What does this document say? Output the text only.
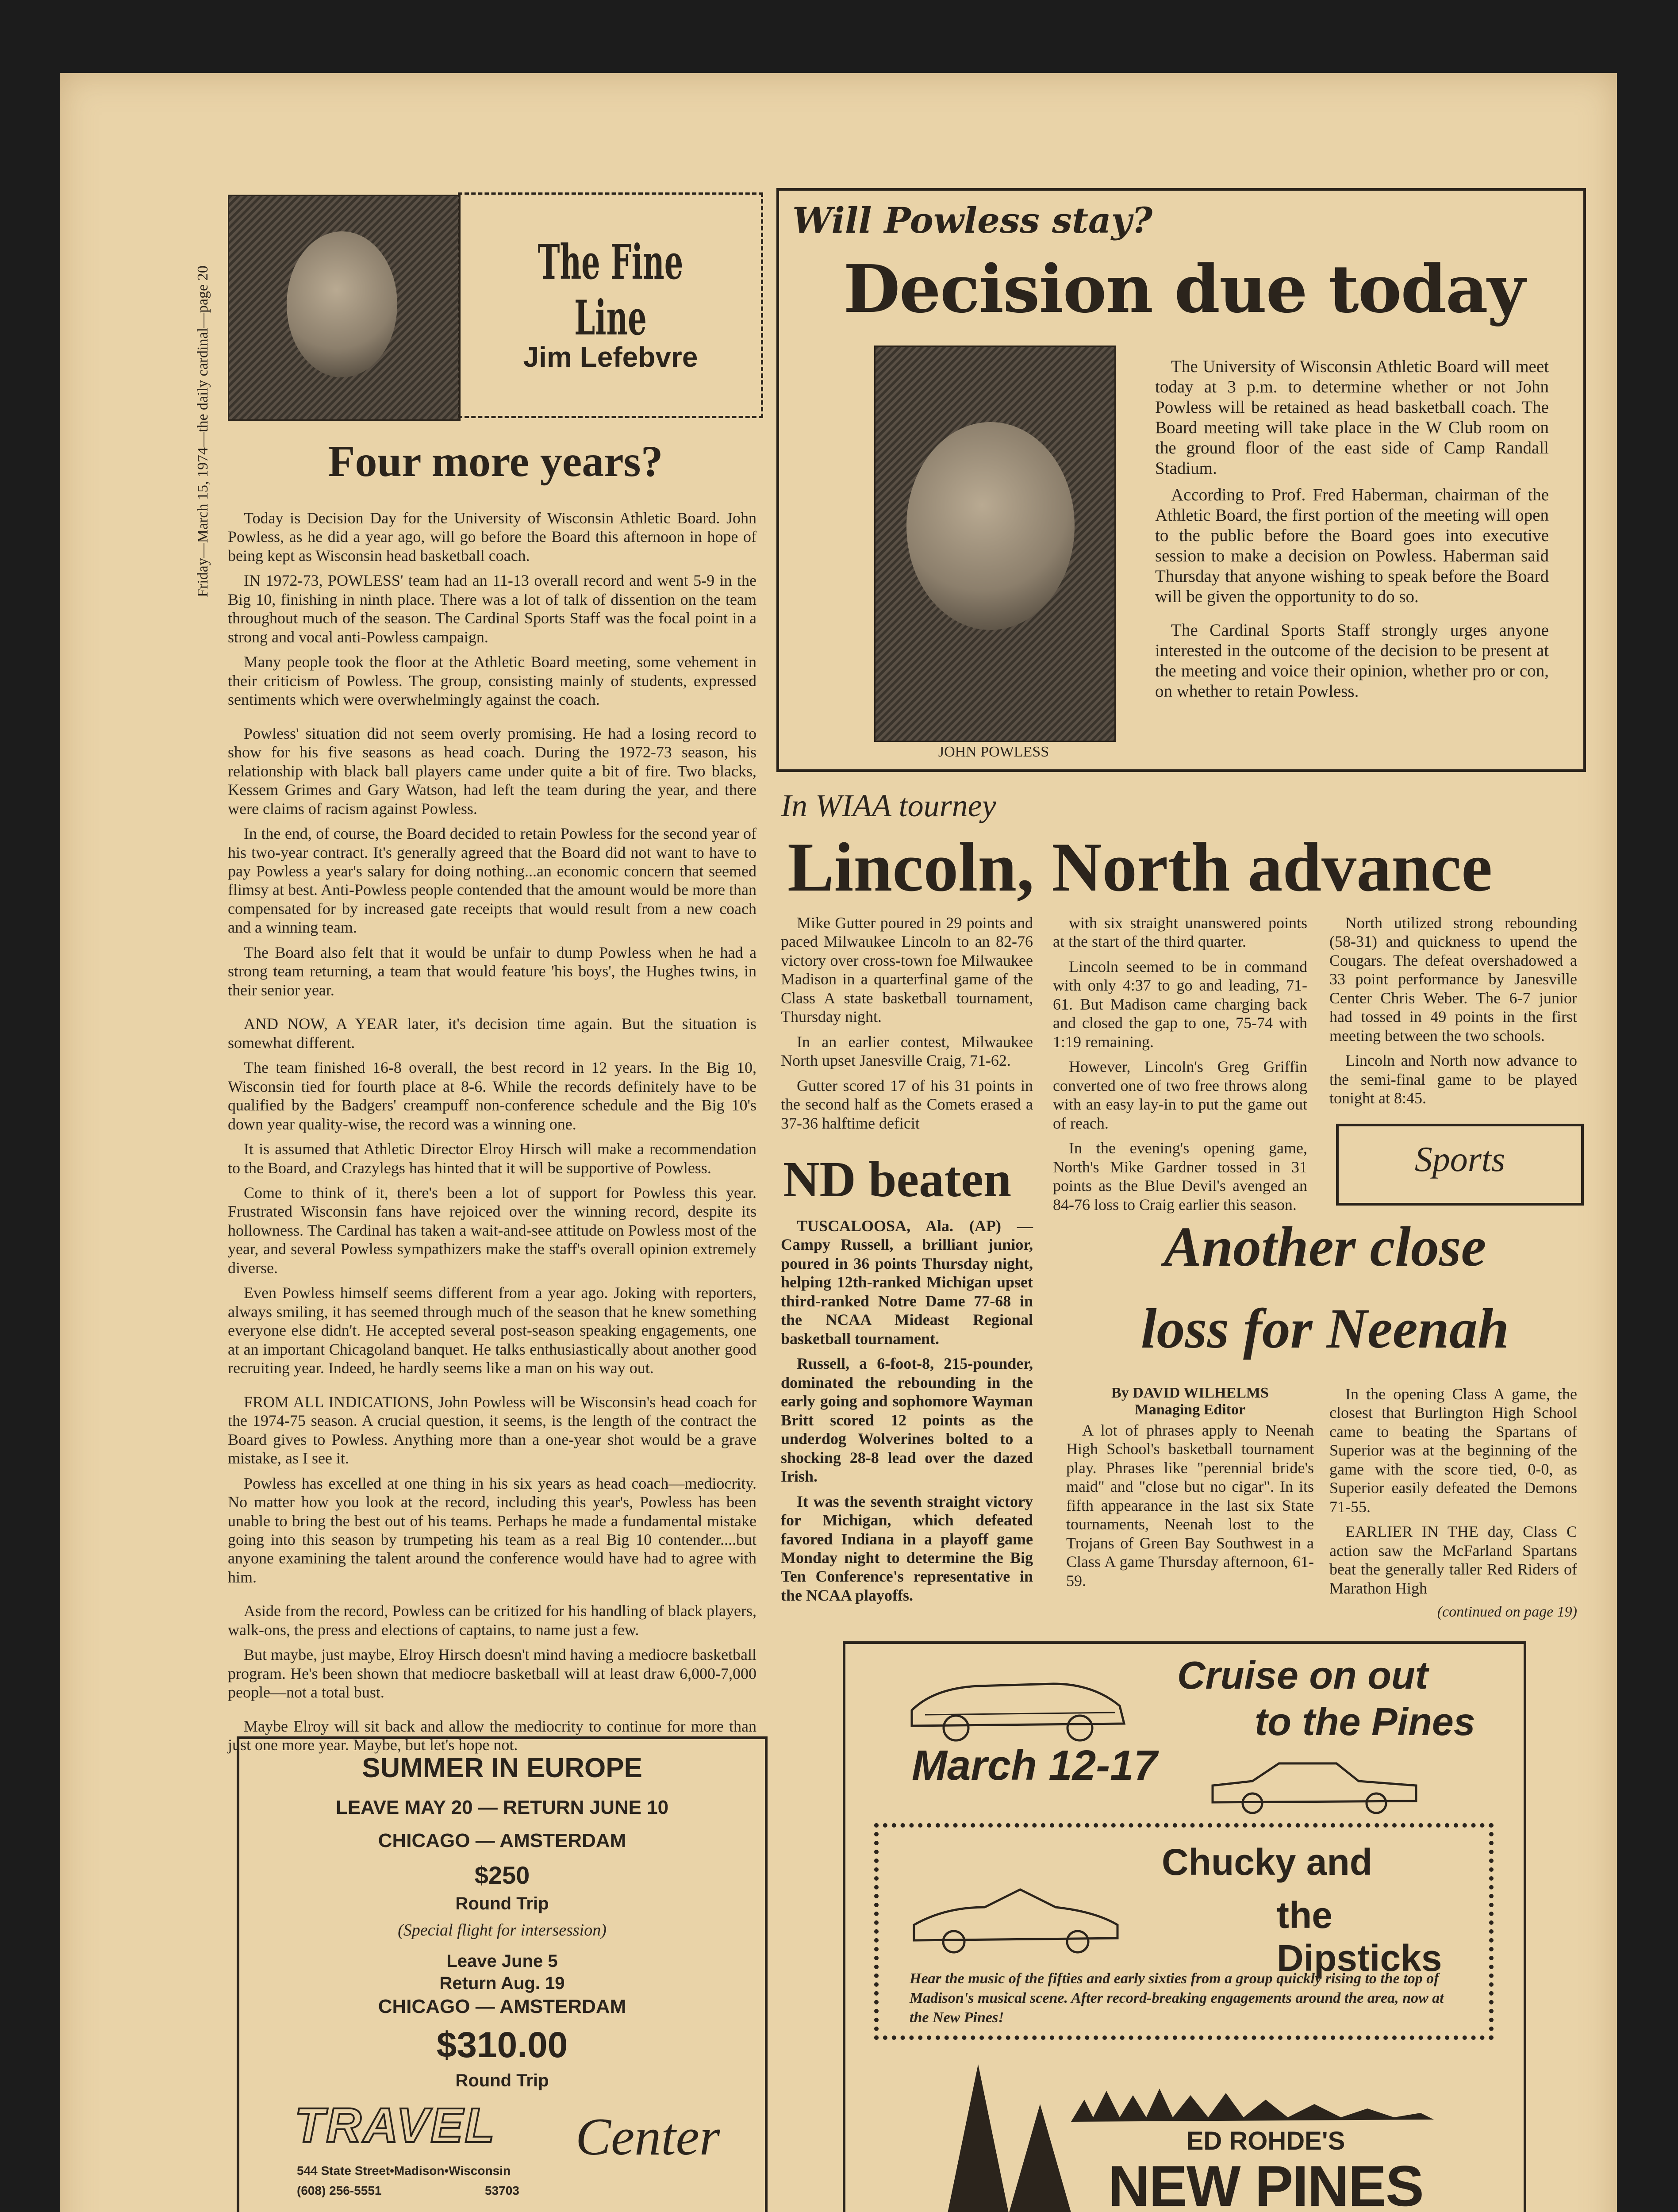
Friday—March 15, 1974—the daily cardinal—page 20
The Fine Line
Jim Lefebvre
Four more years?

Today is Decision Day for the University of Wisconsin Athletic Board. John Powless, as he did a year ago, will go before the Board this afternoon in hope of being kept as Wisconsin head basketball coach.

IN 1972-73, POWLESS' team had an 11-13 overall record and went 5-9 in the Big 10, finishing in ninth place. There was a lot of talk of dissention on the team throughout much of the season. The Cardinal Sports Staff was the focal point in a strong and vocal anti-Powless campaign.

Many people took the floor at the Athletic Board meeting, some vehement in their criticism of Powless. The group, consisting mainly of students, expressed sentiments which were overwhelmingly against the coach.

Powless' situation did not seem overly promising. He had a losing record to show for his five seasons as head coach. During the 1972-73 season, his relationship with black ball players came under quite a bit of fire. Two blacks, Kessem Grimes and Gary Watson, had left the team during the year, and there were claims of racism against Powless.

In the end, of course, the Board decided to retain Powless for the second year of his two-year contract. It's generally agreed that the Board did not want to have to pay Powless a year's salary for doing nothing...an economic concern that seemed flimsy at best. Anti-Powless people contended that the amount would be more than compensated for by increased gate receipts that would result from a new coach and a winning team.

The Board also felt that it would be unfair to dump Powless when he had a strong team returning, a team that would feature 'his boys', the Hughes twins, in their senior year.

AND NOW, A YEAR later, it's decision time again. But the situation is somewhat different.

The team finished 16-8 overall, the best record in 12 years. In the Big 10, Wisconsin tied for fourth place at 8-6. While the records definitely have to be qualified by the Badgers' creampuff non-conference schedule and the Big 10's down year quality-wise, the record was a winning one.

It is assumed that Athletic Director Elroy Hirsch will make a recommendation to the Board, and Crazylegs has hinted that it will be supportive of Powless.

Come to think of it, there's been a lot of support for Powless this year. Frustrated Wisconsin fans have rejoiced over the winning record, despite its hollowness. The Cardinal has taken a wait-and-see attitude on Powless most of the year, and several Powless sympathizers make the staff's overall opinion extremely diverse.

Even Powless himself seems different from a year ago. Joking with reporters, always smiling, it has seemed through much of the season that he knew something everyone else didn't. He accepted several post-season speaking engagements, one at an important Chicagoland banquet. He talks enthusiastically about another good recruiting year. Indeed, he hardly seems like a man on his way out.

FROM ALL INDICATIONS, John Powless will be Wisconsin's head coach for the 1974-75 season. A crucial question, it seems, is the length of the contract the Board gives to Powless. Anything more than a one-year shot would be a grave mistake, as I see it.

Powless has excelled at one thing in his six years as head coach—mediocrity. No matter how you look at the record, including this year's, Powless has been unable to bring the best out of his teams. Perhaps he made a fundamental mistake going into this season by trumpeting his team as a real Big 10 contender....but anyone examining the talent around the conference would have had to agree with him.

Aside from the record, Powless can be critized for his handling of black players, walk-ons, the press and elections of captains, to name just a few.

But maybe, just maybe, Elroy Hirsch doesn't mind having a mediocre basketball program. He's been shown that mediocre basketball will at least draw 6,000-7,000 people—not a total bust.

Maybe Elroy will sit back and allow the mediocrity to continue for more than just one more year. Maybe, but let's hope not.

SUMMER IN EUROPE
LEAVE MAY 20 — RETURN JUNE 10
CHICAGO — AMSTERDAM
$250
Round Trip
(Special flight for intersession)
Leave June 5
Return Aug. 19
CHICAGO — AMSTERDAM
$310.00
Round Trip
TRAVEL Center
544 State Street•Madison•Wisconsin
(608) 256-5551	53703
Will Powless stay?
Decision due today
JOHN POWLESS

The University of Wisconsin Athletic Board will meet today at 3 p.m. to determine whether or not John Powless will be retained as head basketball coach. The Board meeting will take place in the W Club room on the ground floor of the east side of Camp Randall Stadium.

According to Prof. Fred Haberman, chairman of the Athletic Board, the first portion of the meeting will open to the public before the Board goes into executive session to make a decision on Powless. Haberman said Thursday that anyone wishing to speak before the Board will be given the opportunity to do so.

The Cardinal Sports Staff strongly urges anyone interested in the outcome of the decision to be present at the meeting and voice their opinion, whether pro or con, on whether to retain Powless.

In WIAA tourney
Lincoln, North advance

Mike Gutter poured in 29 points and paced Milwaukee Lincoln to an 82-76 victory over cross-town foe Milwaukee Madison in a quarterfinal game of the Class A state basketball tournament, Thursday night.

In an earlier contest, Milwaukee North upset Janesville Craig, 71-62.

Gutter scored 17 of his 31 points in the second half as the Comets erased a 37-36 halftime deficit

with six straight unanswered points at the start of the third quarter.

Lincoln seemed to be in command with only 4:37 to go and leading, 71-61. But Madison came charging back and closed the gap to one, 75-74 with 1:19 remaining.

However, Lincoln's Greg Griffin converted one of two free throws along with an easy lay-in to put the game out of reach.

In the evening's opening game, North's Mike Gardner tossed in 31 points as the Blue Devil's avenged an 84-76 loss to Craig earlier this season.

North utilized strong rebounding (58-31) and quickness to upend the Cougars. The defeat overshadowed a 33 point performance by Janesville Center Chris Weber. The 6-7 junior had tossed in 49 points in the first meeting between the two schools.

Lincoln and North now advance to the semi-final game to be played tonight at 8:45.

Sports
ND beaten

TUSCALOOSA, Ala. (AP) — Campy Russell, a brilliant junior, poured in 36 points Thursday night, helping 12th-ranked Michigan upset third-ranked Notre Dame 77-68 in the NCAA Mideast Regional basketball tournament.

Russell, a 6-foot-8, 215-pounder, dominated the rebounding in the early going and sophomore Wayman Britt scored 12 points as the underdog Wolverines bolted to a shocking 28-8 lead over the dazed Irish.

It was the seventh straight victory for Michigan, which defeated favored Indiana in a playoff game Monday night to determine the Big Ten Conference's representative in the NCAA playoffs.

Another close
loss for Neenah
By DAVID WILHELMS
Managing Editor

A lot of phrases apply to Neenah High School's basketball tournament play. Phrases like "perennial bride's maid" and "close but no cigar". In its fifth appearance in the last six State tournaments, Neenah lost to the Trojans of Green Bay Southwest in a Class A game Thursday afternoon, 61-59.

In the opening Class A game, the closest that Burlington High School came to beating the Spartans of Superior was at the beginning of the game with the score tied, 0-0, as Superior easily defeated the Demons 71-55.

EARLIER IN THE day, Class C action saw the McFarland Spartans beat the generally taller Red Riders of Marathon High

(continued on page 19)
Cruise on out
to the Pines
March 12-17
Chucky and
the Dipsticks
Hear the music of the fifties and early sixties from a group quickly rising to the top of Madison's musical scene. After record-breaking engagements around the area, now at the New Pines!
ED ROHDE'S
NEW PINES
